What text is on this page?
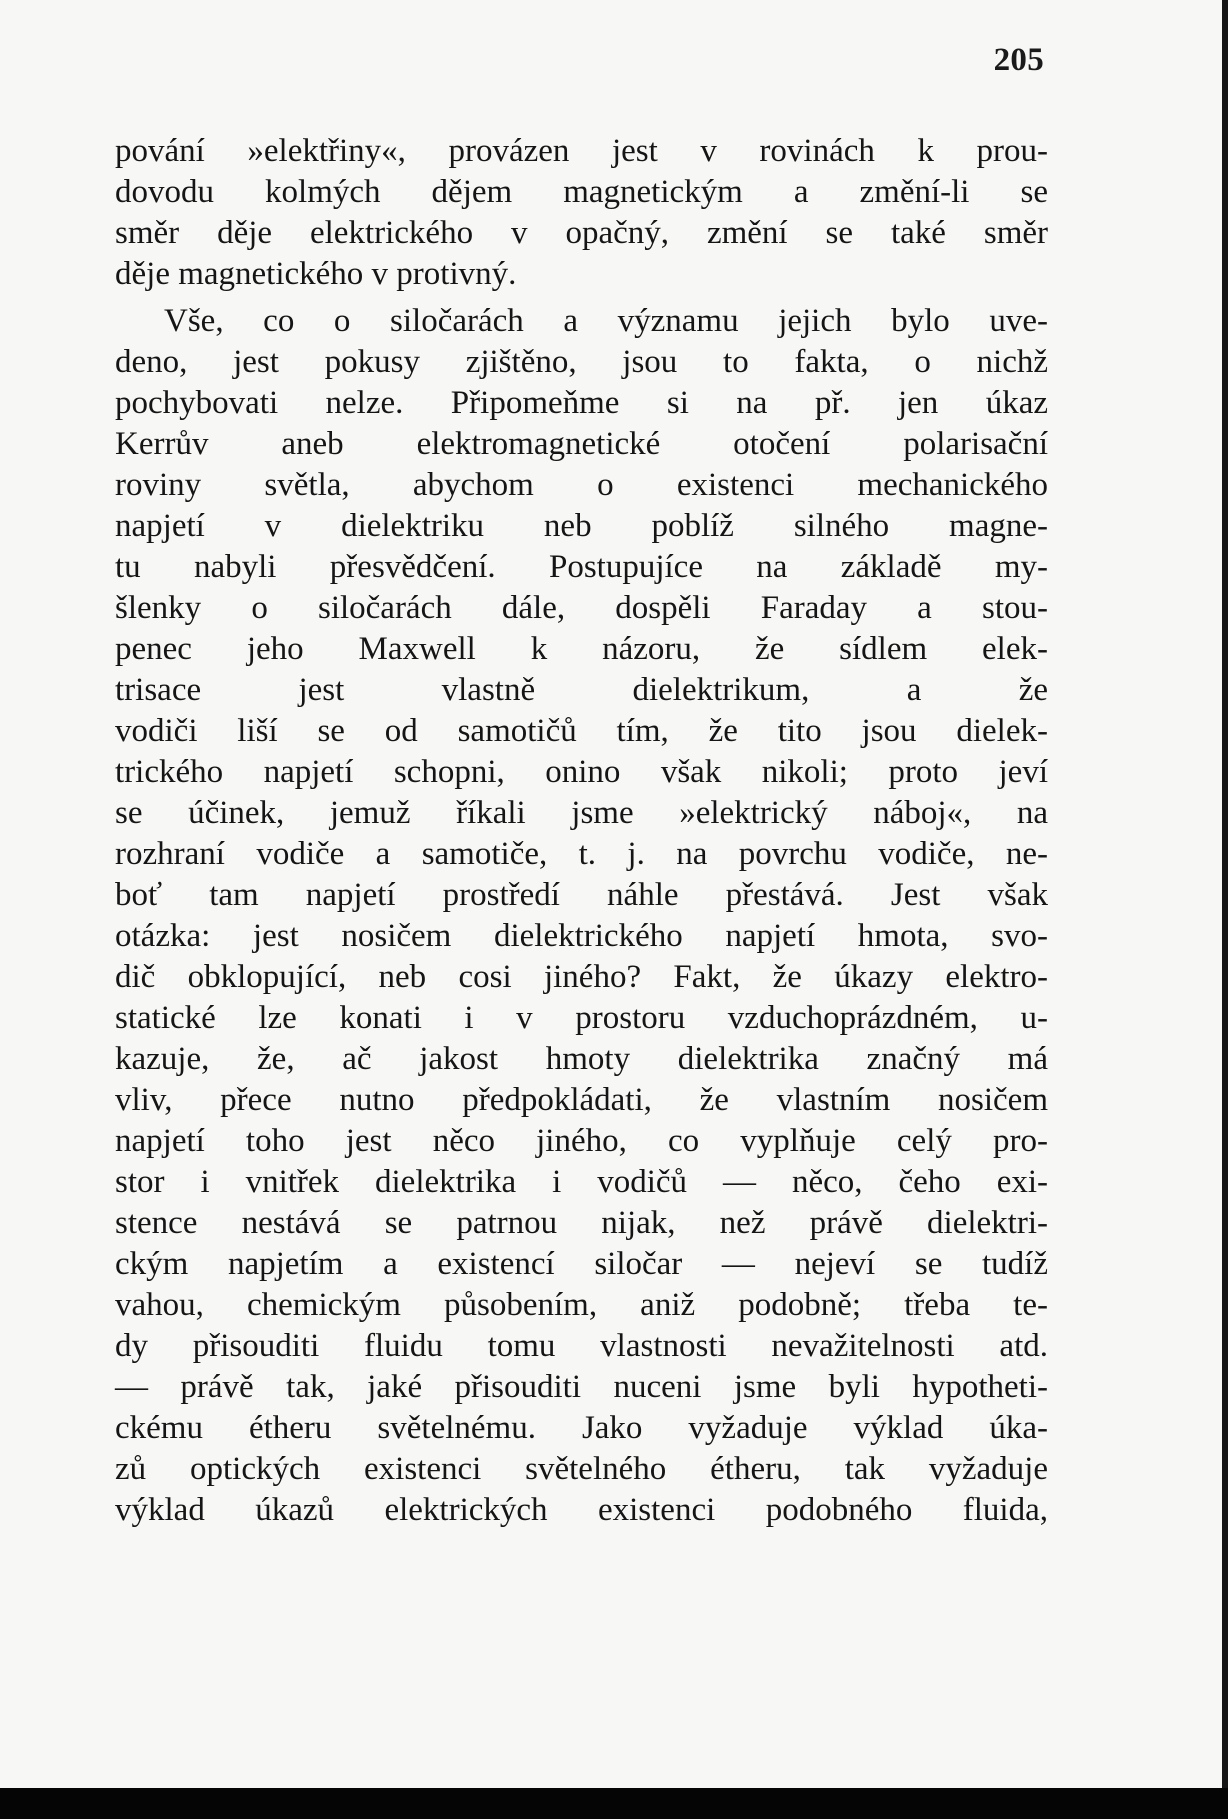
205
pování »elektřiny«, provázen jest v rovinách k prou-
dovodu kolmých dějem magnetickým a změní-li se
směr děje elektrického v opačný, změní se také směr
děje magnetického v protivný.
Vše, co o siločarách a významu jejich bylo uve-
deno, jest pokusy zjištěno, jsou to fakta, o nichž
pochybovati nelze. Připomeňme si na př. jen úkaz
Kerrův aneb elektromagnetické otočení polarisační
roviny světla, abychom o existenci mechanického
napjetí v dielektriku neb poblíž silného magne-
tu nabyli přesvědčení. Postupujíce na základě my-
šlenky o siločarách dále, dospěli Faraday a stou-
penec jeho Maxwell k názoru, že sídlem elek-
trisace jest vlastně dielektrikum, a že
vodiči liší se od samotičů tím, že tito jsou dielek-
trického napjetí schopni, onino však nikoli; proto jeví
se účinek, jemuž říkali jsme »elektrický náboj«, na
rozhraní vodiče a samotiče, t. j. na povrchu vodiče, ne-
boť tam napjetí prostředí náhle přestává. Jest však
otázka: jest nosičem dielektrického napjetí hmota, svo-
dič obklopující, neb cosi jiného? Fakt, že úkazy elektro-
statické lze konati i v prostoru vzduchoprázdném, u-
kazuje, že, ač jakost hmoty dielektrika značný má
vliv, přece nutno předpokládati, že vlastním nosičem
napjetí toho jest něco jiného, co vyplňuje celý pro-
stor i vnitřek dielektrika i vodičů — něco, čeho exi-
stence nestává se patrnou nijak, než právě dielektri-
ckým napjetím a existencí siločar — nejeví se tudíž
vahou, chemickým působením, aniž podobně; třeba te-
dy přisouditi fluidu tomu vlastnosti nevažitelnosti atd.
— právě tak, jaké přisouditi nuceni jsme byli hypotheti-
ckému étheru světelnému. Jako vyžaduje výklad úka-
zů optických existenci světelného étheru, tak vyžaduje
výklad úkazů elektrických existenci podobného fluida,
